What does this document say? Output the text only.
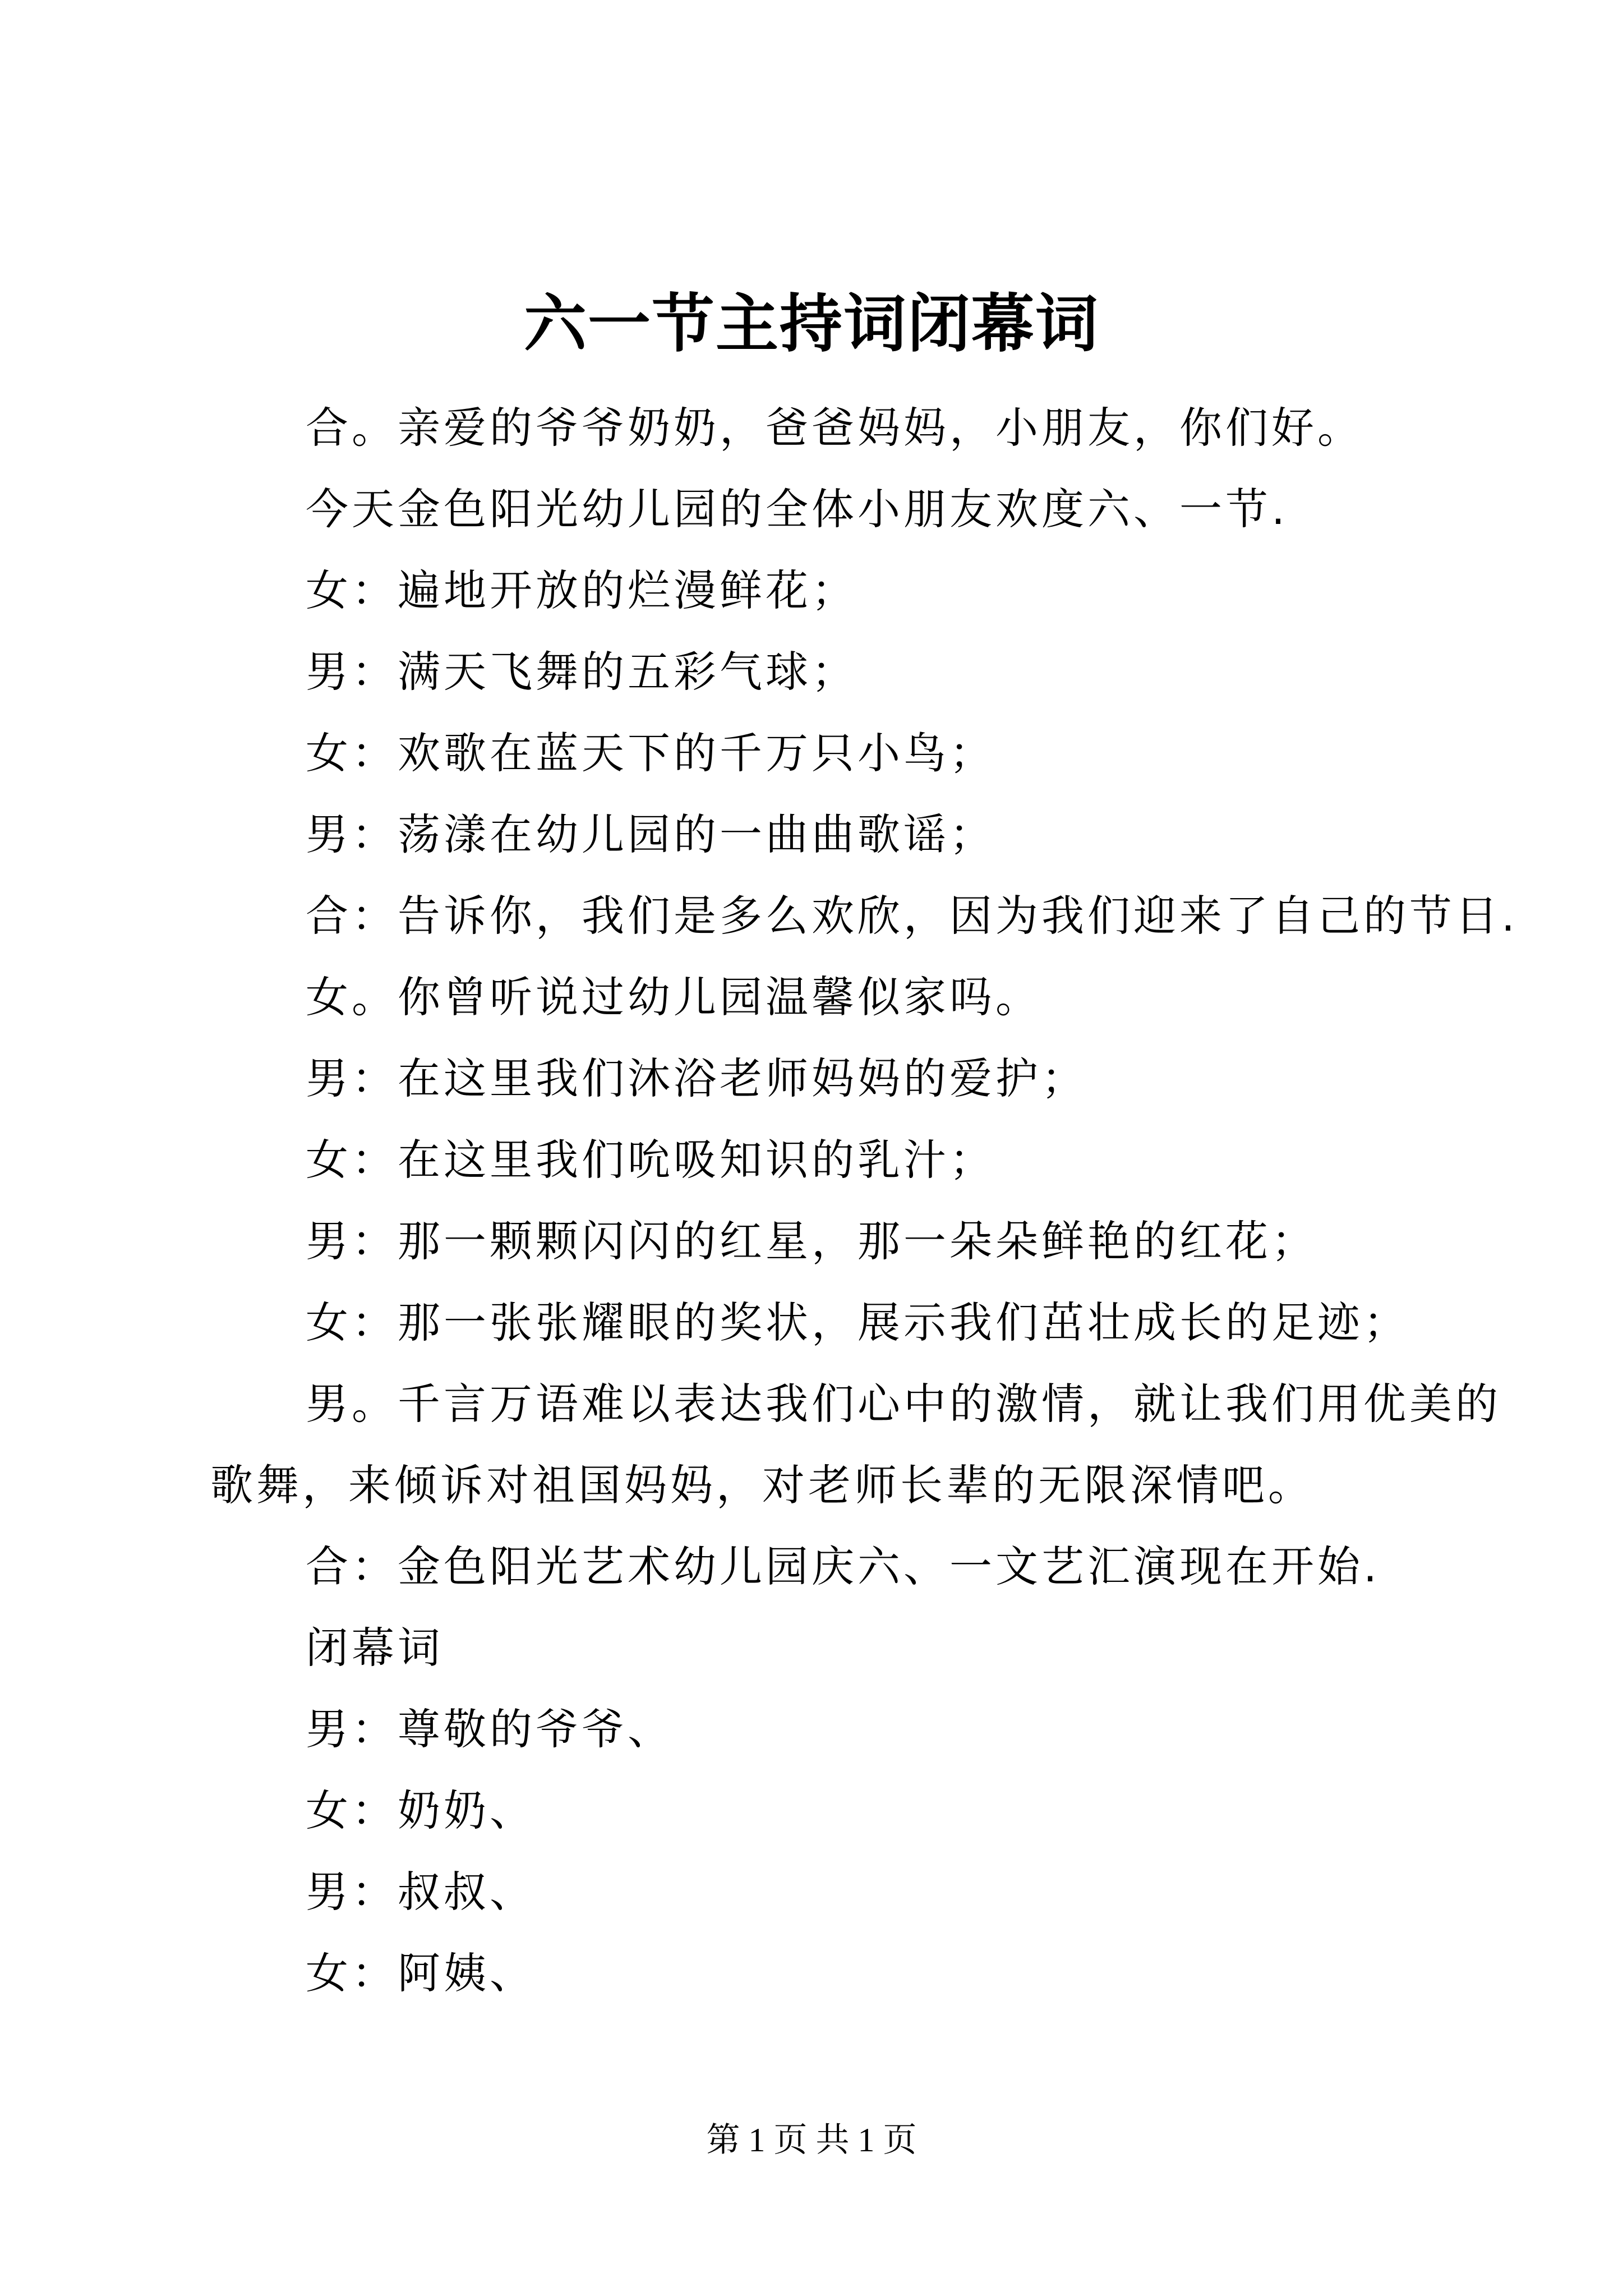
六一节主持词闭幕词
合。亲爱的爷爷奶奶，爸爸妈妈，小朋友，你们好。
今天金色阳光幼儿园的全体小朋友欢度六、一节.
女：遍地开放的烂漫鲜花；
男：满天飞舞的五彩气球；
女：欢歌在蓝天下的千万只小鸟；
男：荡漾在幼儿园的一曲曲歌谣；
合：告诉你，我们是多么欢欣，因为我们迎来了自己的节日.
女。你曾听说过幼儿园温馨似家吗。
男：在这里我们沐浴老师妈妈的爱护；
女：在这里我们吮吸知识的乳汁；
男：那一颗颗闪闪的红星，那一朵朵鲜艳的红花；
女：那一张张耀眼的奖状，展示我们茁壮成长的足迹；
男。千言万语难以表达我们心中的激情，就让我们用优美的
歌舞，来倾诉对祖国妈妈，对老师长辈的无限深情吧。
合：金色阳光艺术幼儿园庆六、一文艺汇演现在开始.
闭幕词
男：尊敬的爷爷、
女：奶奶、
男：叔叔、
女：阿姨、
第 1 页 共 1 页
